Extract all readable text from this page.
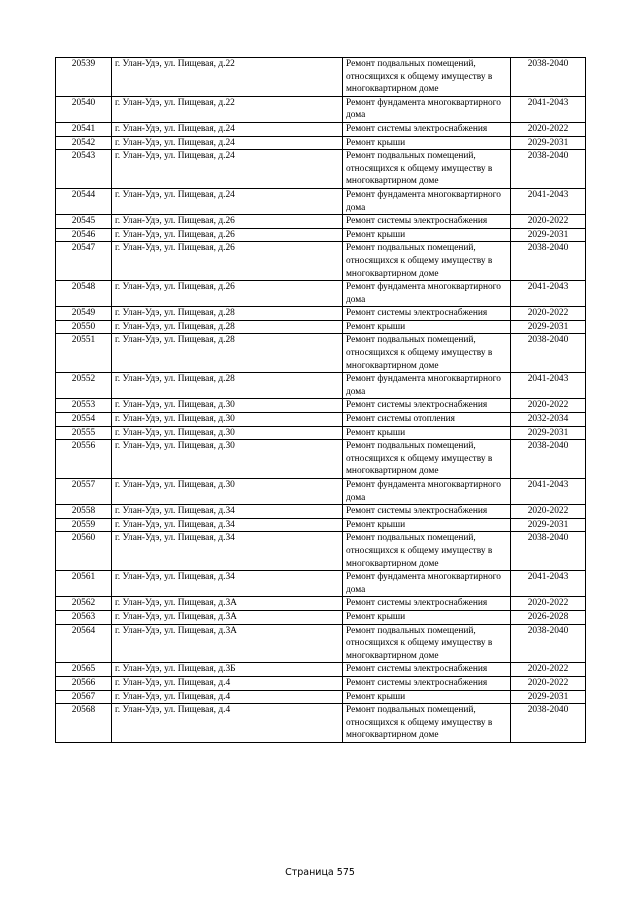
20539	г. Улан-Удэ, ул. Пищевая, д.22	Ремонт подвальных помещений, относящихся к общему имуществу в многоквартирном доме	2038-2040
20540	г. Улан-Удэ, ул. Пищевая, д.22	Ремонт фундамента многоквартирного дома	2041-2043
20541	г. Улан-Удэ, ул. Пищевая, д.24	Ремонт системы электроснабжения	2020-2022
20542	г. Улан-Удэ, ул. Пищевая, д.24	Ремонт крыши	2029-2031
20543	г. Улан-Удэ, ул. Пищевая, д.24	Ремонт подвальных помещений, относящихся к общему имуществу в многоквартирном доме	2038-2040
20544	г. Улан-Удэ, ул. Пищевая, д.24	Ремонт фундамента многоквартирного дома	2041-2043
20545	г. Улан-Удэ, ул. Пищевая, д.26	Ремонт системы электроснабжения	2020-2022
20546	г. Улан-Удэ, ул. Пищевая, д.26	Ремонт крыши	2029-2031
20547	г. Улан-Удэ, ул. Пищевая, д.26	Ремонт подвальных помещений, относящихся к общему имуществу в многоквартирном доме	2038-2040
20548	г. Улан-Удэ, ул. Пищевая, д.26	Ремонт фундамента многоквартирного дома	2041-2043
20549	г. Улан-Удэ, ул. Пищевая, д.28	Ремонт системы электроснабжения	2020-2022
20550	г. Улан-Удэ, ул. Пищевая, д.28	Ремонт крыши	2029-2031
20551	г. Улан-Удэ, ул. Пищевая, д.28	Ремонт подвальных помещений, относящихся к общему имуществу в многоквартирном доме	2038-2040
20552	г. Улан-Удэ, ул. Пищевая, д.28	Ремонт фундамента многоквартирного дома	2041-2043
20553	г. Улан-Удэ, ул. Пищевая, д.30	Ремонт системы электроснабжения	2020-2022
20554	г. Улан-Удэ, ул. Пищевая, д.30	Ремонт системы отопления	2032-2034
20555	г. Улан-Удэ, ул. Пищевая, д.30	Ремонт крыши	2029-2031
20556	г. Улан-Удэ, ул. Пищевая, д.30	Ремонт подвальных помещений, относящихся к общему имуществу в многоквартирном доме	2038-2040
20557	г. Улан-Удэ, ул. Пищевая, д.30	Ремонт фундамента многоквартирного дома	2041-2043
20558	г. Улан-Удэ, ул. Пищевая, д.34	Ремонт системы электроснабжения	2020-2022
20559	г. Улан-Удэ, ул. Пищевая, д.34	Ремонт крыши	2029-2031
20560	г. Улан-Удэ, ул. Пищевая, д.34	Ремонт подвальных помещений, относящихся к общему имуществу в многоквартирном доме	2038-2040
20561	г. Улан-Удэ, ул. Пищевая, д.34	Ремонт фундамента многоквартирного дома	2041-2043
20562	г. Улан-Удэ, ул. Пищевая, д.3А	Ремонт системы электроснабжения	2020-2022
20563	г. Улан-Удэ, ул. Пищевая, д.3А	Ремонт крыши	2026-2028
20564	г. Улан-Удэ, ул. Пищевая, д.3А	Ремонт подвальных помещений, относящихся к общему имуществу в многоквартирном доме	2038-2040
20565	г. Улан-Удэ, ул. Пищевая, д.3Б	Ремонт системы электроснабжения	2020-2022
20566	г. Улан-Удэ, ул. Пищевая, д.4	Ремонт системы электроснабжения	2020-2022
20567	г. Улан-Удэ, ул. Пищевая, д.4	Ремонт крыши	2029-2031
20568	г. Улан-Удэ, ул. Пищевая, д.4	Ремонт подвальных помещений, относящихся к общему имуществу в многоквартирном доме	2038-2040
Страница 575
